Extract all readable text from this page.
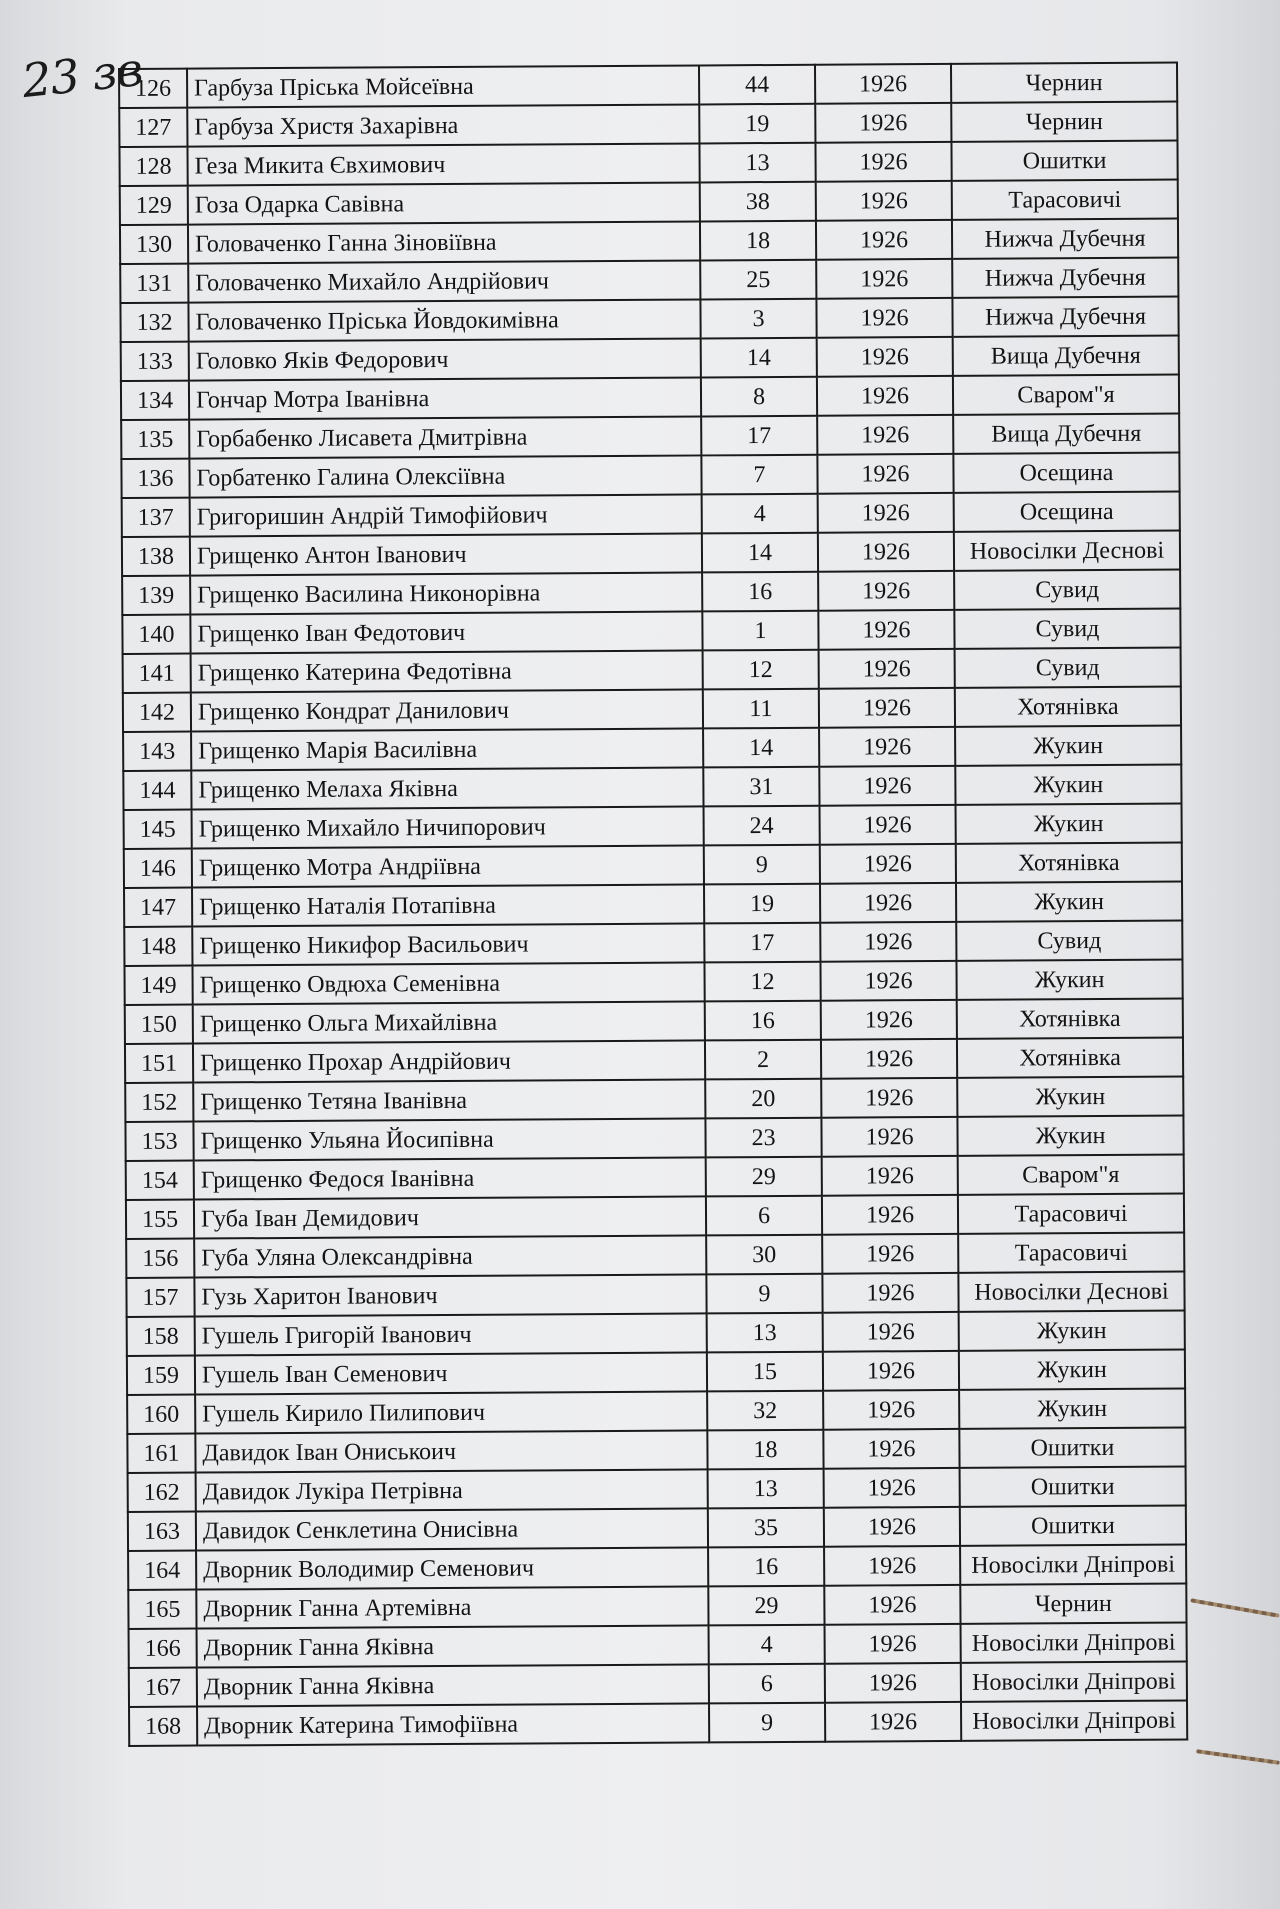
23 зв
126	Гарбуза Пріська Мойсеївна	44	1926	Чернин
127	Гарбуза Христя Захарівна	19	1926	Чернин
128	Геза Микита Євхимович	13	1926	Ошитки
129	Гоза Одарка Савівна	38	1926	Тарасовичі
130	Головаченко Ганна Зіновіївна	18	1926	Нижча Дубечня
131	Головаченко Михайло Андрійович	25	1926	Нижча Дубечня
132	Головаченко Пріська Йовдокимівна	3	1926	Нижча Дубечня
133	Головко Яків Федорович	14	1926	Вища Дубечня
134	Гончар Мотра Іванівна	8	1926	Сваром"я
135	Горбабенко Лисавета Дмитрівна	17	1926	Вища Дубечня
136	Горбатенко Галина Олексіївна	7	1926	Осещина
137	Григоришин Андрій Тимофійович	4	1926	Осещина
138	Грищенко Антон Іванович	14	1926	Новосілки Деснові
139	Грищенко Василина Никонорівна	16	1926	Сувид
140	Грищенко Іван Федотович	1	1926	Сувид
141	Грищенко Катерина Федотівна	12	1926	Сувид
142	Грищенко Кондрат Данилович	11	1926	Хотянівка
143	Грищенко Марія Василівна	14	1926	Жукин
144	Грищенко Мелаха Яківна	31	1926	Жукин
145	Грищенко Михайло Ничипорович	24	1926	Жукин
146	Грищенко Мотра Андріївна	9	1926	Хотянівка
147	Грищенко Наталія Потапівна	19	1926	Жукин
148	Грищенко Никифор Васильович	17	1926	Сувид
149	Грищенко Овдюха Семенівна	12	1926	Жукин
150	Грищенко Ольга Михайлівна	16	1926	Хотянівка
151	Грищенко Прохар Андрійович	2	1926	Хотянівка
152	Грищенко Тетяна Іванівна	20	1926	Жукин
153	Грищенко Ульяна Йосипівна	23	1926	Жукин
154	Грищенко Федося Іванівна	29	1926	Сваром"я
155	Губа Іван Демидович	6	1926	Тарасовичі
156	Губа Уляна Олександрівна	30	1926	Тарасовичі
157	Гузь Харитон Іванович	9	1926	Новосілки Деснові
158	Гушель Григорій Іванович	13	1926	Жукин
159	Гушель Іван Семенович	15	1926	Жукин
160	Гушель Кирило Пилипович	32	1926	Жукин
161	Давидок Іван Ониськоич	18	1926	Ошитки
162	Давидок Лукіра Петрівна	13	1926	Ошитки
163	Давидок Сенклетина Онисівна	35	1926	Ошитки
164	Дворник Володимир Семенович	16	1926	Новосілки Дніпрові
165	Дворник Ганна Артемівна	29	1926	Чернин
166	Дворник Ганна Яківна	4	1926	Новосілки Дніпрові
167	Дворник Ганна Яківна	6	1926	Новосілки Дніпрові
168	Дворник Катерина Тимофіївна	9	1926	Новосілки Дніпрові
